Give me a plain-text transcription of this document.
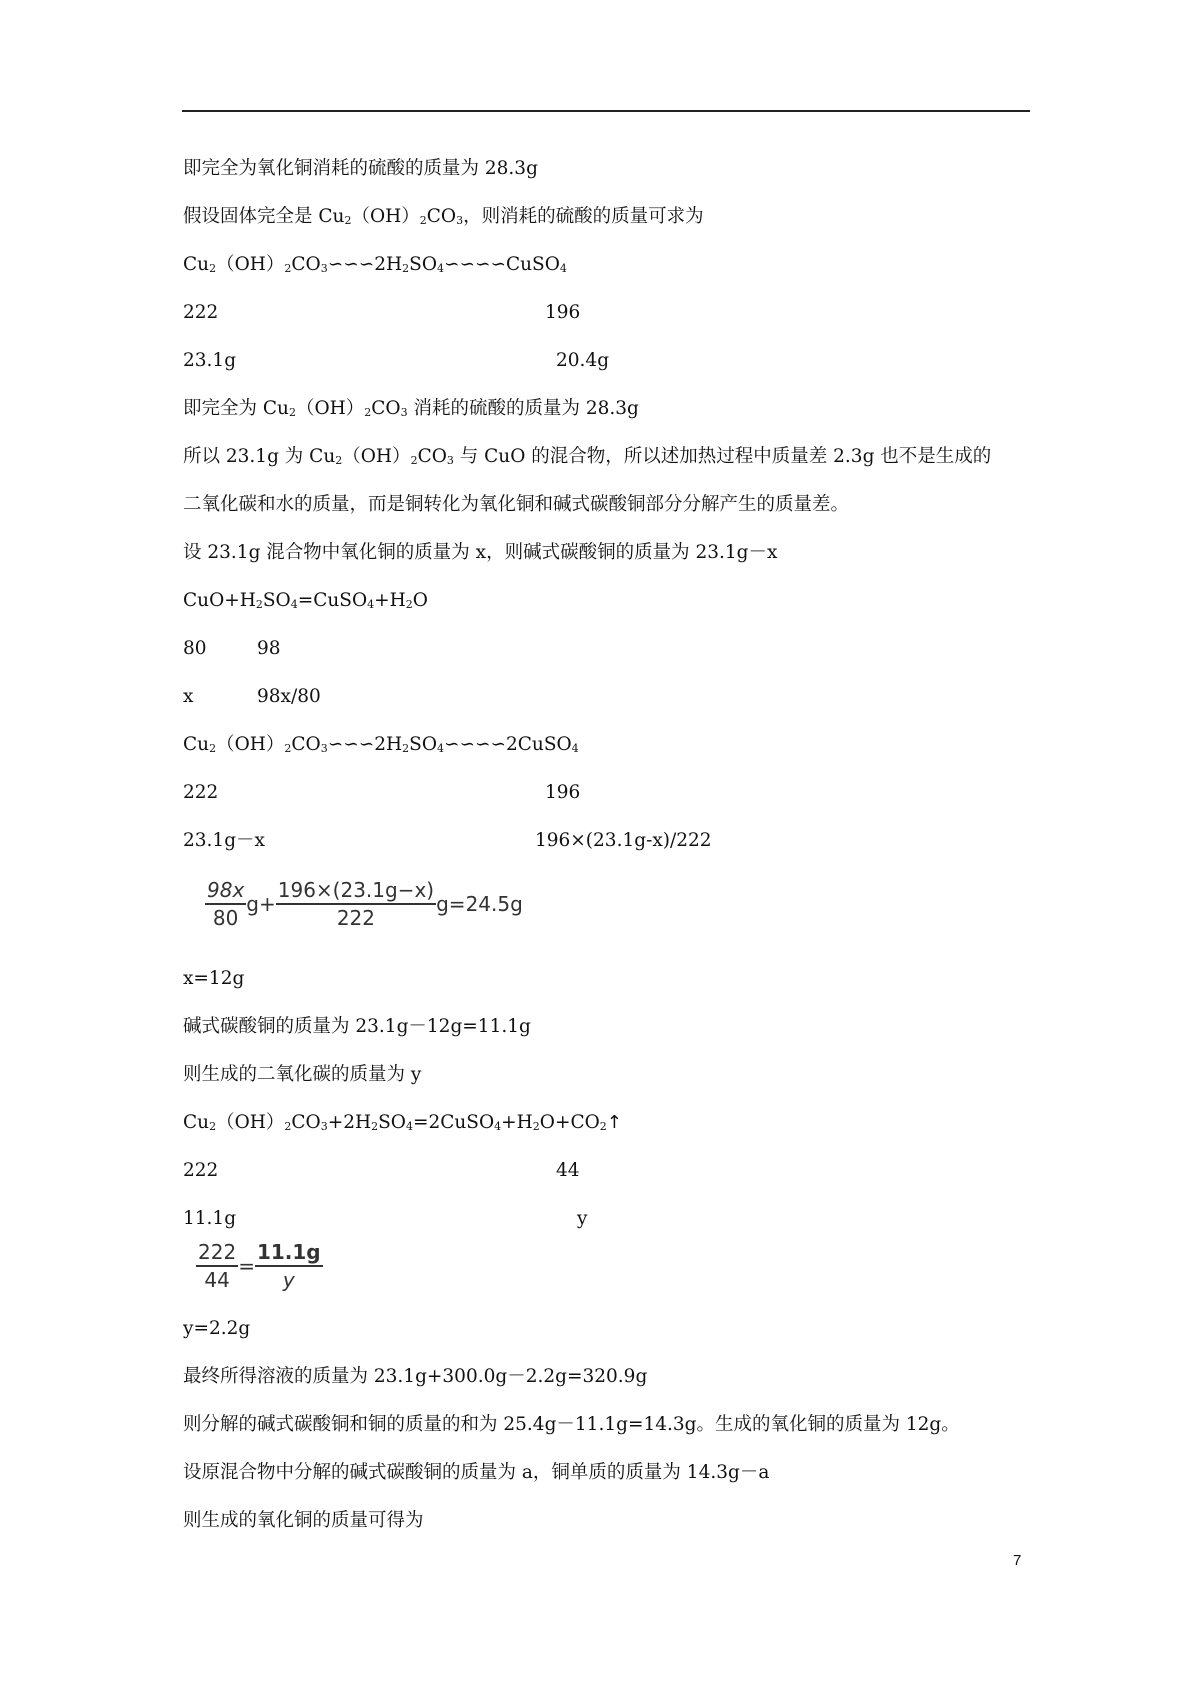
即完全为氧化铜消耗的硫酸的质量为 28.3g
假设固体完全是 $Cu_2(OH)_2CO_3$，则消耗的硫酸的质量可求为
$Cu_2(OH)_2CO_3∽∽∽2H_2SO_4∽∽∽∽CuSO_4$
222	196
23.1g	20.4g
即完全为 $Cu_2(OH)_2CO_3$ 消耗的硫酸的质量为 28.3g
所以 23.1g 为 $Cu_2(OH)_2CO_3$ 与 CuO 的混合物，所以述加热过程中质量差 2.3g 也不是生成的
二氧化碳和水的质量，而是铜转化为氧化铜和碱式碳酸铜部分分解产生的质量差。
设 23.1g 混合物中氧化铜的质量为 x，则碱式碳酸铜的质量为 23.1g－x
$CuO+H_2SO_4=CuSO_4+H_2O$
80	98
x	98x/80
$Cu_2(OH)_2CO_3∽∽∽2H_2SO_4∽∽∽∽2CuSO_4$
222	196
23.1g－x	196×(23.1g-x)/222
$\frac{98x}{80} g+ \frac{196\times(23.1g-x)}{222} g=24.5g$
x=12g
碱式碳酸铜的质量为 23.1g－12g=11.1g
则生成的二氧化碳的质量为 y
$Cu_2(OH)_2CO_3+2H_2SO_4=2CuSO_4+H_2O+CO_2↑$
222	44
11.1g	y
$\frac{222}{44} = \frac{11.1g}{y}$
y=2.2g
最终所得溶液的质量为 23.1g+300.0g－2.2g=320.9g
则分解的碱式碳酸铜和铜的质量的和为 25.4g－11.1g=14.3g。生成的氧化铜的质量为 12g。
设原混合物中分解的碱式碳酸铜的质量为 a，铜单质的质量为 14.3g－a
则生成的氧化铜的质量可得为
7
